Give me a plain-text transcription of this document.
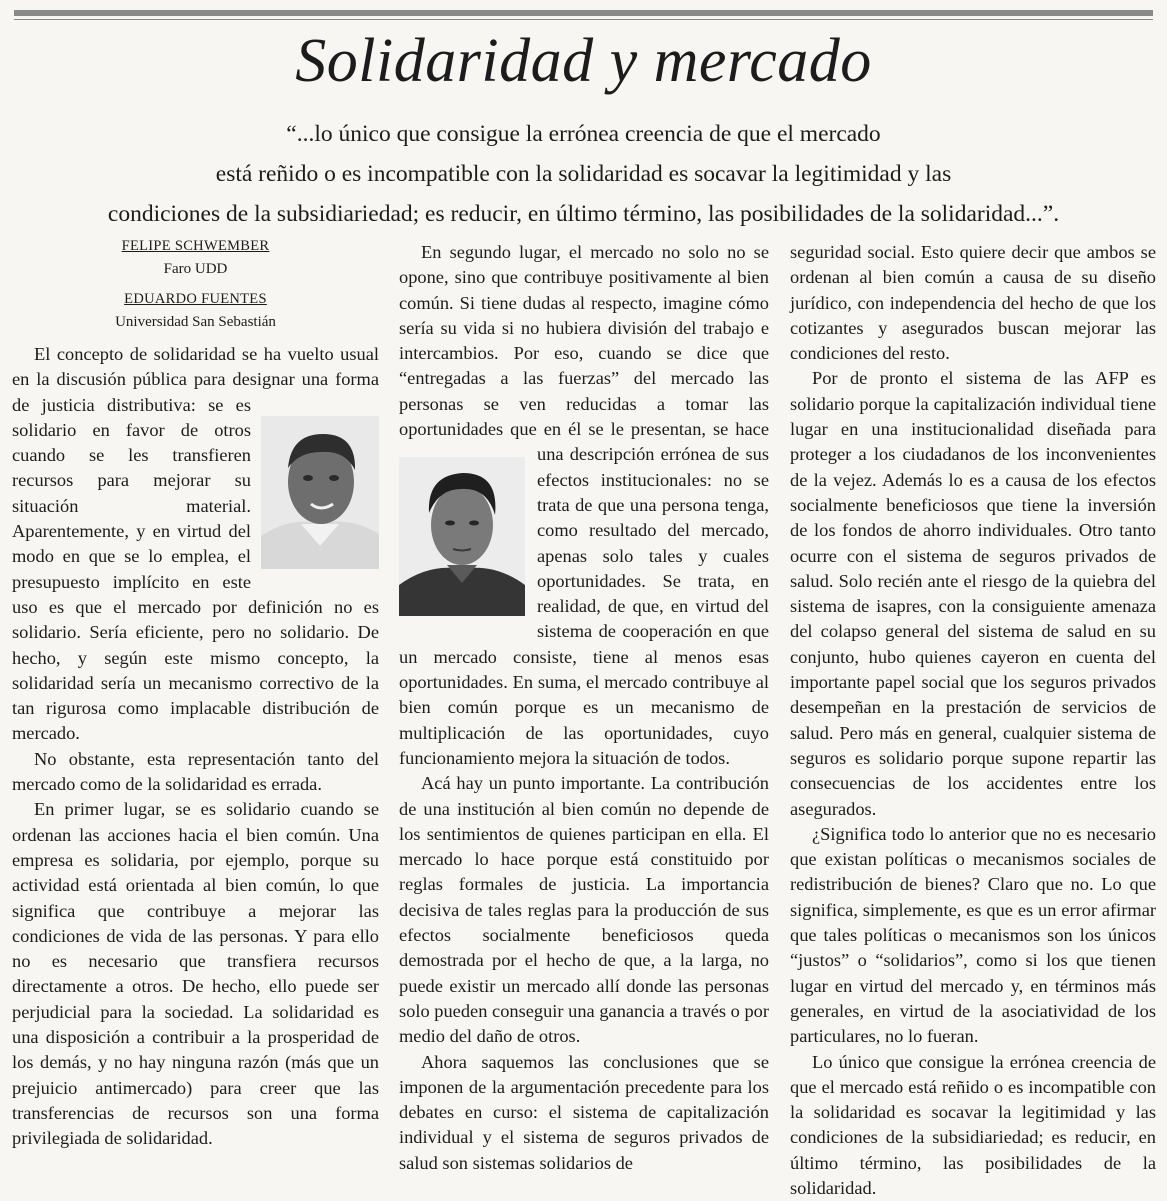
Solidaridad y mercado
“...lo único que consigue la errónea creencia de que el mercado
está reñido o es incompatible con la solidaridad es socavar la legitimidad y las
condiciones de la subsidiariedad; es reducir, en último término, las posibilidades de la solidaridad...”.
FELIPE SCHWEMBER
Faro UDD
EDUARDO FUENTES
Universidad San Sebastián

El concepto de solidaridad se ha vuelto usual en la discusión pública para designar una forma de justicia distributiva: se es solidario en favor de otros cuando se les transfieren recursos para mejorar su situación material. Aparentemente, y en virtud del modo en que se lo emplea, el presupuesto implícito en este uso es que el mercado por definición no es solidario. Sería eficiente, pero no solidario. De hecho, y según este mismo concepto, la solidaridad sería un mecanismo correctivo de la tan rigurosa como implacable distribución de mercado.

No obstante, esta representación tanto del mercado como de la solidaridad es errada.

En primer lugar, se es solidario cuando se ordenan las acciones hacia el bien común. Una empresa es solidaria, por ejemplo, porque su actividad está orientada al bien común, lo que significa que contribuye a mejorar las condiciones de vida de las personas. Y para ello no es necesario que transfiera recursos directamente a otros. De hecho, ello puede ser perjudicial para la sociedad. La solidaridad es una disposición a contribuir a la prosperidad de los demás, y no hay ninguna razón (más que un prejuicio antimercado) para creer que las transferencias de recursos son una forma privilegiada de solidaridad.

En segundo lugar, el mercado no solo no se opone, sino que contribuye positivamente al bien común. Si tiene dudas al respecto, imagine cómo sería su vida si no hubiera división del trabajo e intercambios. Por eso, cuando se dice que “entregadas a las fuerzas” del mercado las personas se ven reducidas a tomar las oportunidades que en él se le presentan, se hace una descripción errónea de sus efectos institucionales: no se trata de que una persona tenga, como resultado del mercado, apenas solo tales y cuales oportunidades. Se trata, en realidad, de que, en virtud del sistema de cooperación en que un mercado consiste, tiene al menos esas oportunidades. En suma, el mercado contribuye al bien común porque es un mecanismo de multiplicación de las oportunidades, cuyo funcionamiento mejora la situación de todos.

Acá hay un punto importante. La contribución de una institución al bien común no depende de los sentimientos de quienes participan en ella. El mercado lo hace porque está constituido por reglas formales de justicia. La importancia decisiva de tales reglas para la producción de sus efectos socialmente beneficiosos queda demostrada por el hecho de que, a la larga, no puede existir un mercado allí donde las personas solo pueden conseguir una ganancia a través o por medio del daño de otros.

Ahora saquemos las conclusiones que se imponen de la argumentación precedente para los debates en curso: el sistema de capitalización individual y el sistema de seguros privados de salud son sistemas solidarios de

seguridad social. Esto quiere decir que ambos se ordenan al bien común a causa de su diseño jurídico, con independencia del hecho de que los cotizantes y asegurados buscan mejorar las condiciones del resto.

Por de pronto el sistema de las AFP es solidario porque la capitalización individual tiene lugar en una institucionalidad diseñada para proteger a los ciudadanos de los inconvenientes de la vejez. Además lo es a causa de los efectos socialmente beneficiosos que tiene la inversión de los fondos de ahorro individuales. Otro tanto ocurre con el sistema de seguros privados de salud. Solo recién ante el riesgo de la quiebra del sistema de isapres, con la consiguiente amenaza del colapso general del sistema de salud en su conjunto, hubo quienes cayeron en cuenta del importante papel social que los seguros privados desempeñan en la prestación de servicios de salud. Pero más en general, cualquier sistema de seguros es solidario porque supone repartir las consecuencias de los accidentes entre los asegurados.

¿Significa todo lo anterior que no es necesario que existan políticas o mecanismos sociales de redistribución de bienes? Claro que no. Lo que significa, simplemente, es que es un error afirmar que tales políticas o mecanismos son los únicos “justos” o “solidarios”, como si los que tienen lugar en virtud del mercado y, en términos más generales, en virtud de la asociatividad de los particulares, no lo fueran.

Lo único que consigue la errónea creencia de que el mercado está reñido o es incompatible con la solidaridad es socavar la legitimidad y las condiciones de la subsidiariedad; es reducir, en último término, las posibilidades de la solidaridad.
